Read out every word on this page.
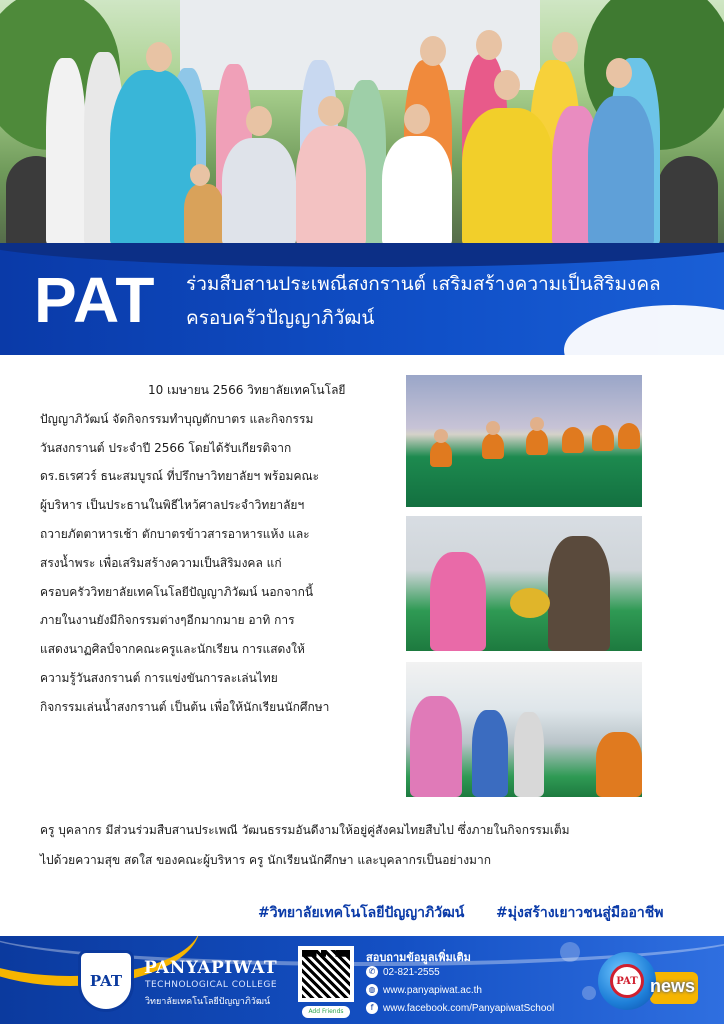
PAT ร่วมสืบสานประเพณีสงกรานต์ เสริมสร้างความเป็นสิริมงคล
ครอบครัวปัญญาภิวัฒน์
10 เมษายน 2566 วิทยาลัยเทคโนโลยี
ปัญญาภิวัฒน์ จัดกิจกรรมทำบุญตักบาตร และกิจกรรม
วันสงกรานต์ ประจำปี 2566 โดยได้รับเกียรติจาก
ดร.ธเรศวร์ ธนะสมบูรณ์ ที่ปรึกษาวิทยาลัยฯ พร้อมคณะ
ผู้บริหาร เป็นประธานในพิธีไหว้ศาลประจำวิทยาลัยฯ
ถวายภัตตาหารเช้า ตักบาตรข้าวสารอาหารแห้ง และ
สรงน้ำพระ เพื่อเสริมสร้างความเป็นสิริมงคล แก่
ครอบครัววิทยาลัยเทคโนโลยีปัญญาภิวัฒน์ นอกจากนี้
ภายในงานยังมีกิจกรรมต่างๆอีกมากมาย อาทิ การ
แสดงนาฏศิลป์จากคณะครูและนักเรียน การแสดงให้
ความรู้วันสงกรานต์ การแข่งขันการละเล่นไทย
กิจกรรมเล่นน้ำสงกรานต์ เป็นต้น เพื่อให้นักเรียนนักศึกษา
ครู บุคลากร มีส่วนร่วมสืบสานประเพณี วัฒนธรรมอันดีงามให้อยู่คู่สังคมไทยสืบไป ซึ่งภายในกิจกรรมเต็ม
ไปด้วยความสุข สดใส ของคณะผู้บริหาร ครู นักเรียนนักศึกษา และบุคลากรเป็นอย่างมาก
#วิทยาลัยเทคโนโลยีปัญญาภิวัฒน์ #มุ่งสร้างเยาวชนสู่มืออาชีพ
PAT
PANYAPIWAT
TECHNOLOGICAL COLLEGE
วิทยาลัยเทคโนโลยีปัญญาภิวัฒน์
Add Friends
สอบถามข้อมูลเพิ่มเติม
✆ 02-821-2555
◍ www.panyapiwat.ac.th
f www.facebook.com/PanyapiwatSchool
PAT news
